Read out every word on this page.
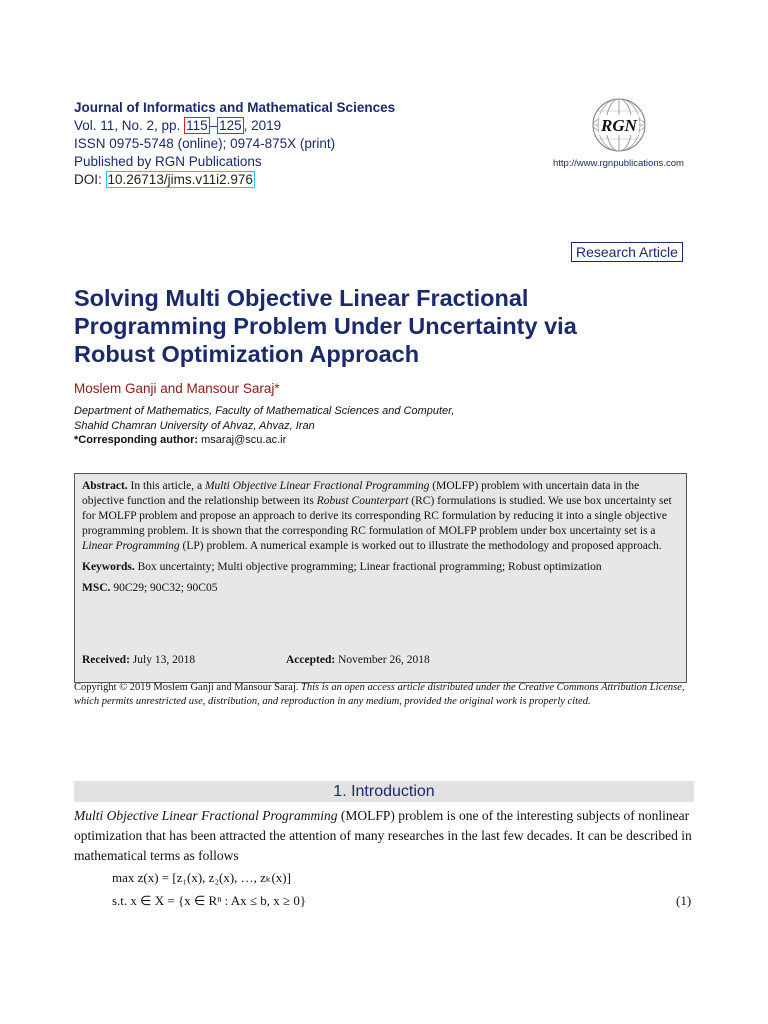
Journal of Informatics and Mathematical Sciences
Vol. 11, No. 2, pp. 115 – 125 , 2019
ISSN 0975-5748 (online); 0974-875X (print)
Published by RGN Publications
DOI: 10.26713/jims.v11i2.976
RGN
http://www.rgnpublications.com
Research Article
Solving Multi Objective Linear Fractional Programming Problem Under Uncertainty via Robust Optimization Approach
Moslem Ganji and Mansour Saraj*
Department of Mathematics, Faculty of Mathematical Sciences and Computer,
Shahid Chamran University of Ahvaz, Ahvaz, Iran
*Corresponding author: msaraj@scu.ac.ir

Abstract. In this article, a Multi Objective Linear Fractional Programming (MOLFP) problem with uncertain data in the objective function and the relationship between its Robust Counterpart (RC) formulations is studied. We use box uncertainty set for MOLFP problem and propose an approach to derive its corresponding RC formulation by reducing it into a single objective programming problem. It is shown that the corresponding RC formulation of MOLFP problem under box uncertainty set is a Linear Programming (LP) problem. A numerical example is worked out to illustrate the methodology and proposed approach.

Keywords. Box uncertainty; Multi objective programming; Linear fractional programming; Robust optimization

MSC. 90C29; 90C32; 90C05

Received: July 13, 2018	Accepted: November 26, 2018
Copyright © 2019 Moslem Ganji and Mansour Saraj. This is an open access article distributed under the Creative Commons Attribution License, which permits unrestricted use, distribution, and reproduction in any medium, provided the original work is properly cited.
1. Introduction

Multi Objective Linear Fractional Programming (MOLFP) problem is one of the interesting subjects of nonlinear optimization that has been attracted the attention of many researches in the last few decades. It can be described in mathematical terms as follows

max z(x) = [z₁(x), z₂(x), …, zₖ(x)]
s.t. x ∈ X = {x ∈ Rⁿ : Ax ≤ b, x ≥ 0}	(1)
